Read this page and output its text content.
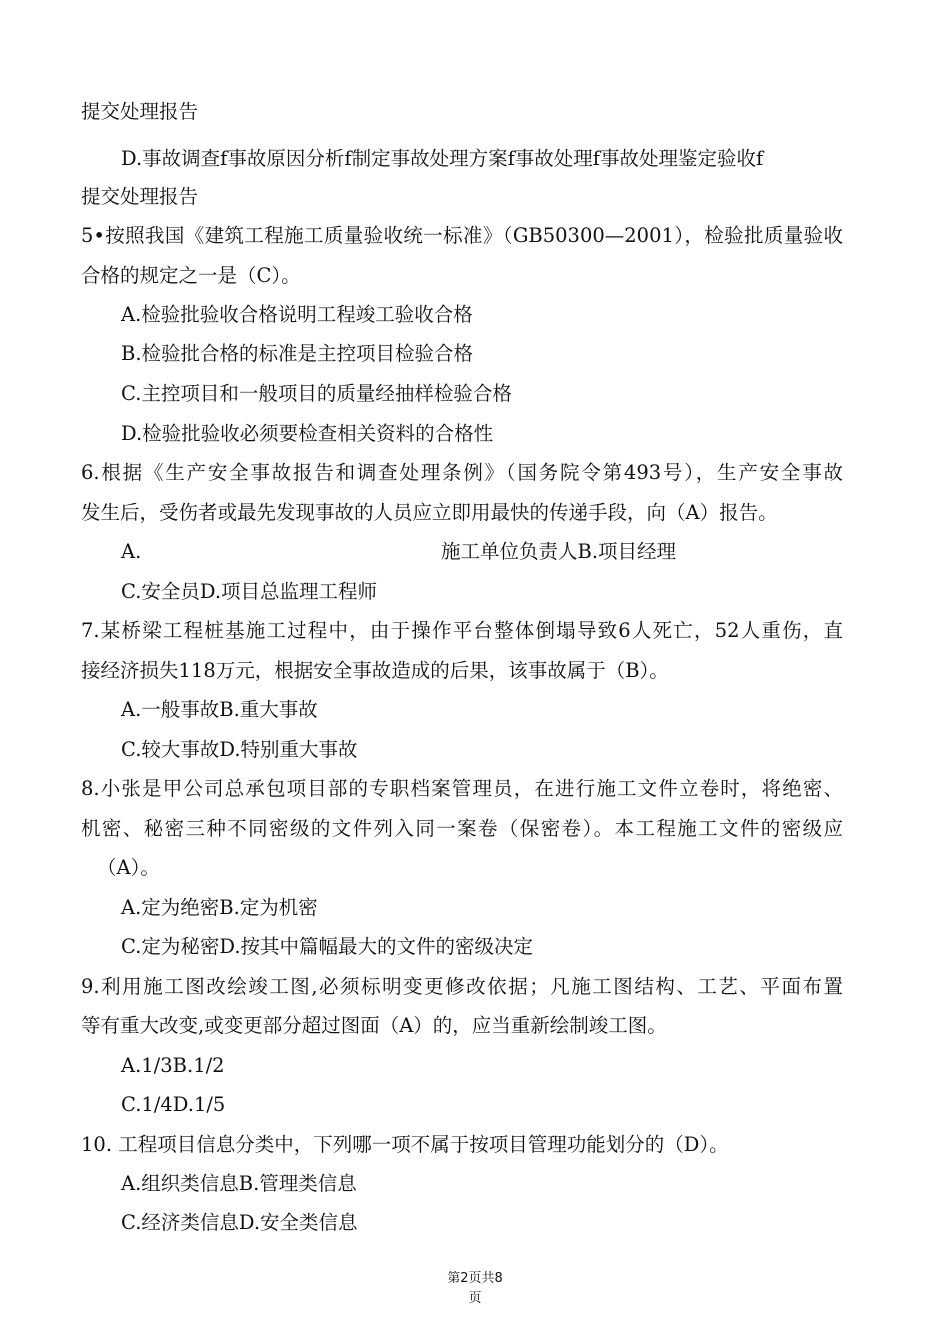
提交处理报告
D.事故调查f事故原因分析f制定事故处理方案f事故处理f事故处理鉴定验收f
提交处理报告
5•按照我国《建筑工程施工质量验收统一标准》（GB50300—2001），检验批质量验收
合格的规定之一是（C）。
A.检验批验收合格说明工程竣工验收合格
B.检验批合格的标准是主控项目检验合格
C.主控项目和一般项目的质量经抽样检验合格
D.检验批验收必须要检查相关资料的合格性
6.根据《生产安全事故报告和调查处理条例》（国务院令第493号），生产安全事故
发生后，受伤者或最先发现事故的人员应立即用最快的传递手段，向（A）报告。
A.	施工单位负责人B.项目经理
C.安全员D.项目总监理工程师
7.某桥梁工程桩基施工过程中，由于操作平台整体倒塌导致6人死亡，52人重伤，直
接经济损失118万元，根据安全事故造成的后果，该事故属于（B）。
A.一般事故B.重大事故
C.较大事故D.特别重大事故
8.小张是甲公司总承包项目部的专职档案管理员，在进行施工文件立卷时，将绝密、
机密、秘密三种不同密级的文件列入同一案卷（保密卷）。本工程施工文件的密级应
（A）。
A.定为绝密B.定为机密
C.定为秘密D.按其中篇幅最大的文件的密级决定
9.利用施工图改绘竣工图,必须标明变更修改依据；凡施工图结构、工艺、平面布置
等有重大改变,或变更部分超过图面（A）的，应当重新绘制竣工图。
A.1/3B.1/2
C.1/4D.1/5
10. 工程项目信息分类中，下列哪一项不属于按项目管理功能划分的（D）。
A.组织类信息B.管理类信息
C.经济类信息D.安全类信息
第2页共8
页
